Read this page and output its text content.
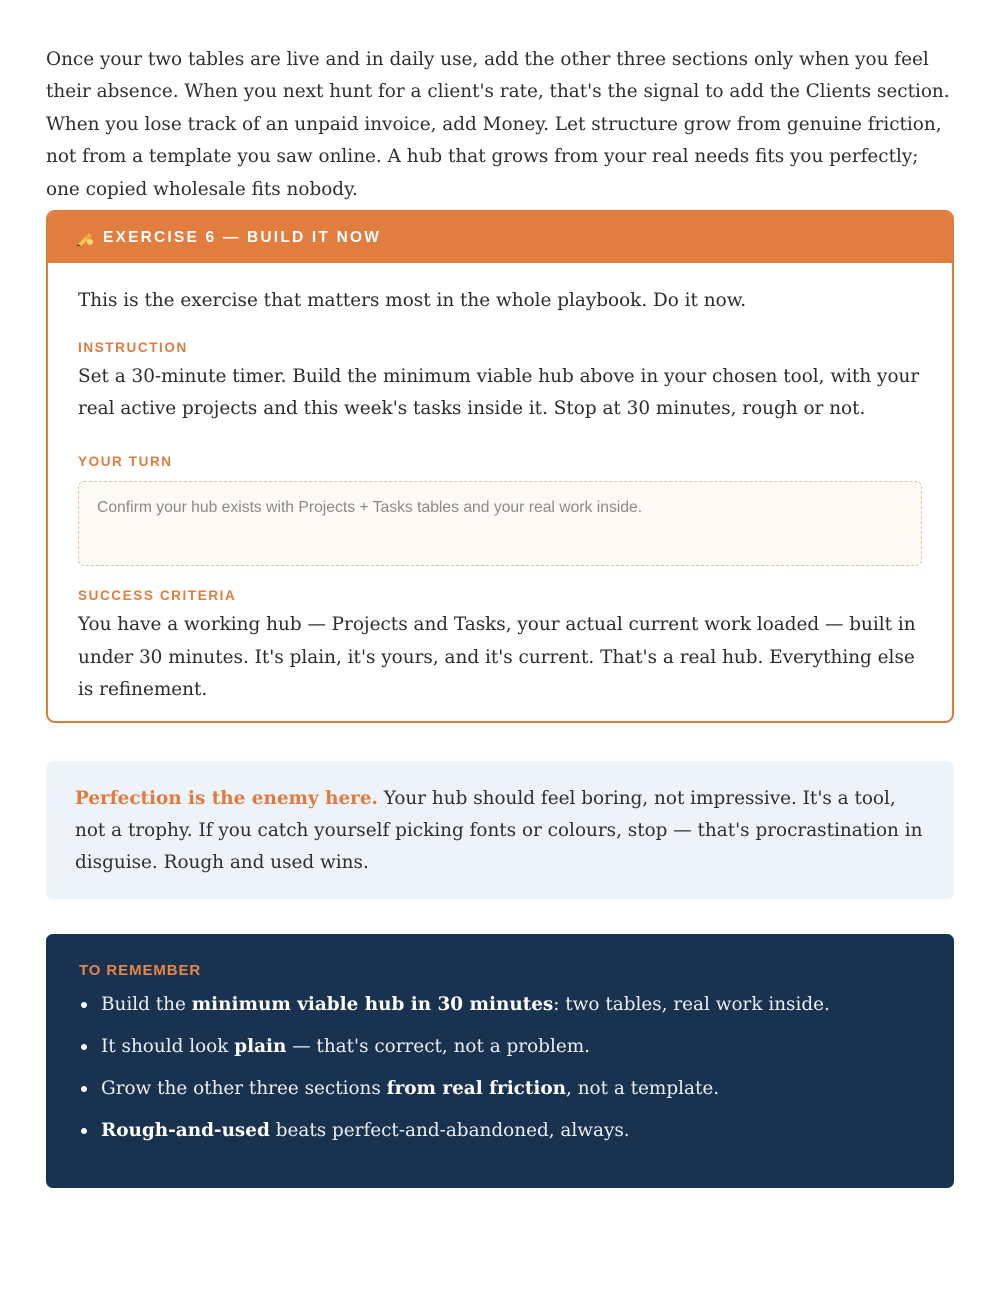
Once your two tables are live and in daily use, add the other three sections only when you feel their absence. When you next hunt for a client's rate, that's the signal to add the Clients section. When you lose track of an unpaid invoice, add Money. Let structure grow from genuine friction, not from a template you saw online. A hub that grows from your real needs fits you perfectly; one copied wholesale fits nobody.

EXERCISE 6 — BUILD IT NOW

This is the exercise that matters most in the whole playbook. Do it now.

INSTRUCTION

Set a 30-minute timer. Build the minimum viable hub above in your chosen tool, with your real active projects and this week's tasks inside it. Stop at 30 minutes, rough or not.

YOUR TURN

Confirm your hub exists with Projects + Tasks tables and your real work inside.

SUCCESS CRITERIA

You have a working hub — Projects and Tasks, your actual current work loaded — built in under 30 minutes. It's plain, it's yours, and it's current. That's a real hub. Everything else is refinement.

Perfection is the enemy here. Your hub should feel boring, not impressive. It's a tool, not a trophy. If you catch yourself picking fonts or colours, stop — that's procrastination in disguise. Rough and used wins.

TO REMEMBER

Build the minimum viable hub in 30 minutes: two tables, real work inside.
It should look plain — that's correct, not a problem.
Grow the other three sections from real friction, not a template.
Rough-and-used beats perfect-and-abandoned, always.
